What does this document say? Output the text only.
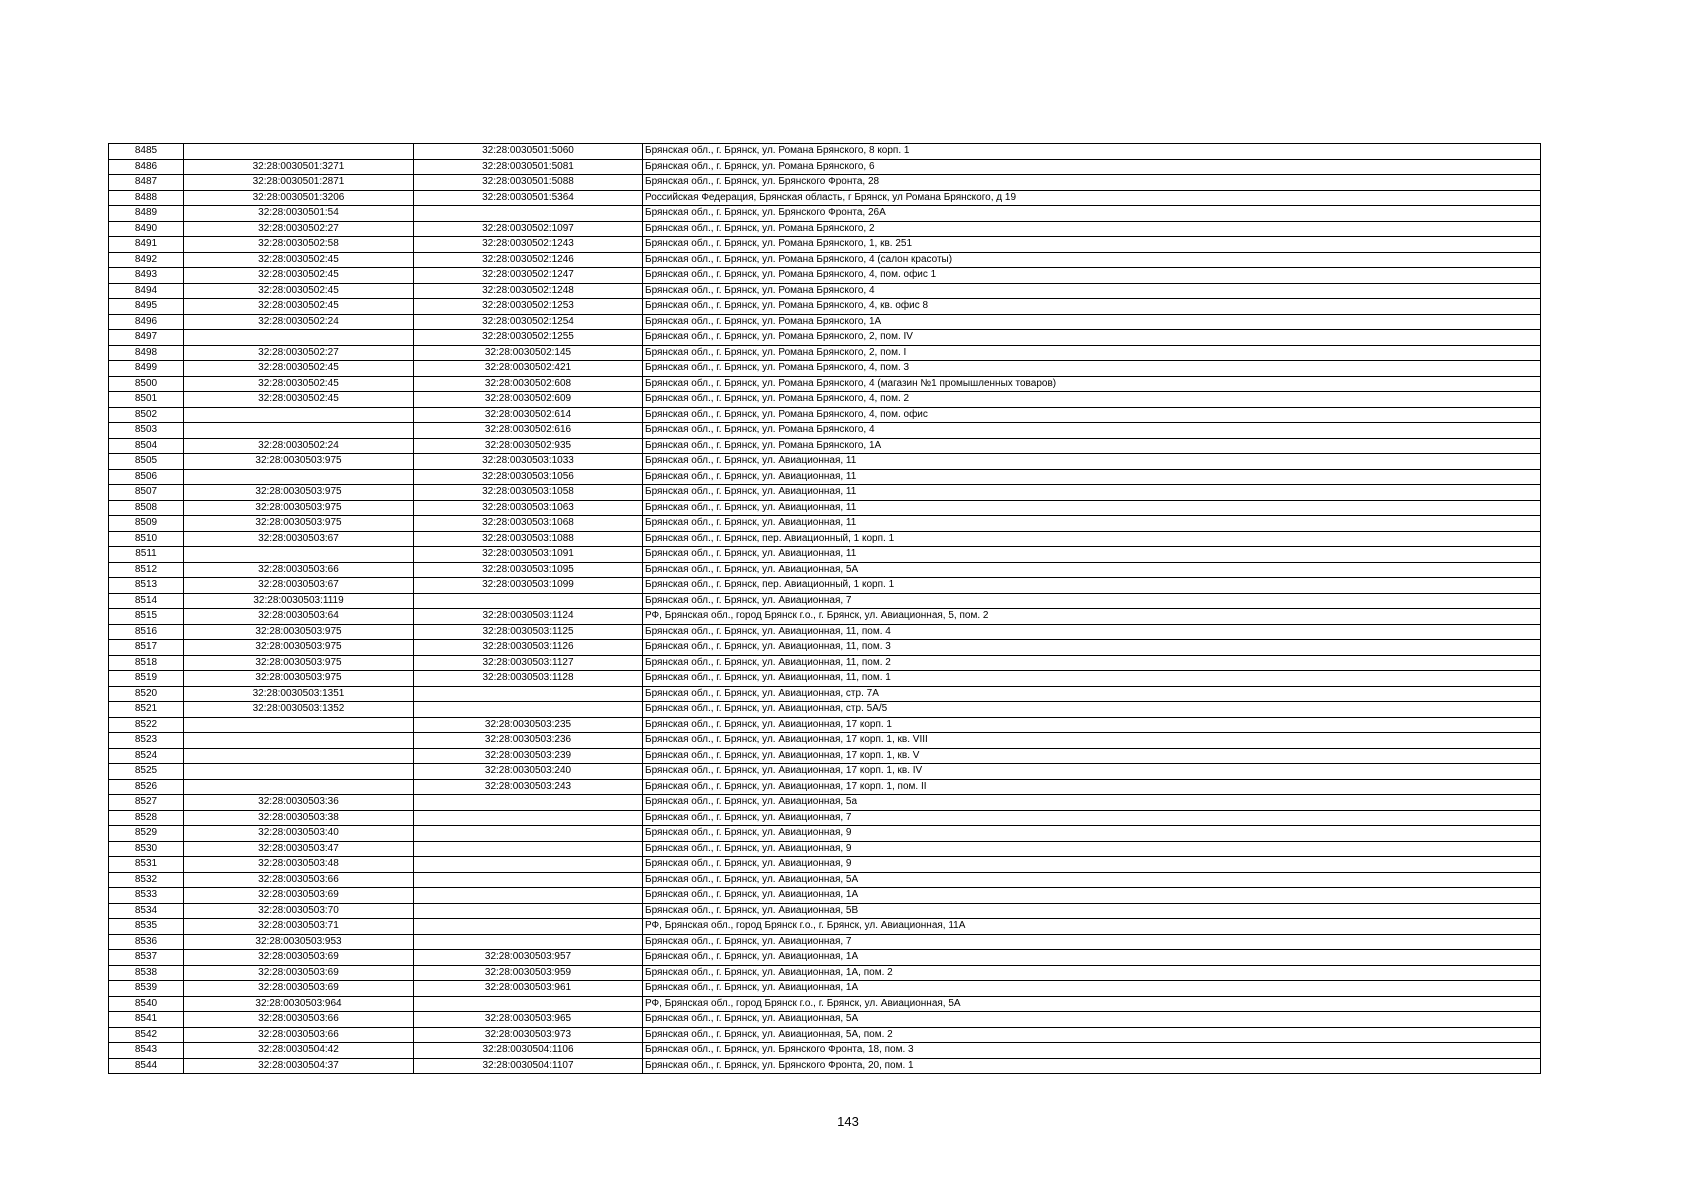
8485		32:28:0030501:5060	Брянская обл., г. Брянск, ул. Романа Брянского, 8 корп. 1
8486	32:28:0030501:3271	32:28:0030501:5081	Брянская обл., г. Брянск, ул. Романа Брянского, 6
8487	32:28:0030501:2871	32:28:0030501:5088	Брянская обл., г. Брянск, ул. Брянского Фронта, 28
8488	32:28:0030501:3206	32:28:0030501:5364	Российская Федерация, Брянская область, г Брянск, ул Романа Брянского, д 19
8489	32:28:0030501:54		Брянская обл., г. Брянск, ул. Брянского Фронта, 26А
8490	32:28:0030502:27	32:28:0030502:1097	Брянская обл., г. Брянск, ул. Романа Брянского, 2
8491	32:28:0030502:58	32:28:0030502:1243	Брянская обл., г. Брянск, ул. Романа Брянского, 1, кв. 251
8492	32:28:0030502:45	32:28:0030502:1246	Брянская обл., г. Брянск, ул. Романа Брянского, 4 (салон красоты)
8493	32:28:0030502:45	32:28:0030502:1247	Брянская обл., г. Брянск, ул. Романа Брянского, 4, пом. офис 1
8494	32:28:0030502:45	32:28:0030502:1248	Брянская обл., г. Брянск, ул. Романа Брянского, 4
8495	32:28:0030502:45	32:28:0030502:1253	Брянская обл., г. Брянск, ул. Романа Брянского, 4, кв. офис 8
8496	32:28:0030502:24	32:28:0030502:1254	Брянская обл., г. Брянск, ул. Романа Брянского, 1А
8497		32:28:0030502:1255	Брянская обл., г. Брянск, ул. Романа Брянского, 2, пом. IV
8498	32:28:0030502:27	32:28:0030502:145	Брянская обл., г. Брянск, ул. Романа Брянского, 2, пом. I
8499	32:28:0030502:45	32:28:0030502:421	Брянская обл., г. Брянск, ул. Романа Брянского, 4, пом. 3
8500	32:28:0030502:45	32:28:0030502:608	Брянская обл., г. Брянск, ул. Романа Брянского, 4 (магазин №1 промышленных товаров)
8501	32:28:0030502:45	32:28:0030502:609	Брянская обл., г. Брянск, ул. Романа Брянского, 4, пом. 2
8502		32:28:0030502:614	Брянская обл., г. Брянск, ул. Романа Брянского, 4, пом. офис
8503		32:28:0030502:616	Брянская обл., г. Брянск, ул. Романа Брянского, 4
8504	32:28:0030502:24	32:28:0030502:935	Брянская обл., г. Брянск, ул. Романа Брянского, 1А
8505	32:28:0030503:975	32:28:0030503:1033	Брянская обл., г. Брянск, ул. Авиационная, 11
8506		32:28:0030503:1056	Брянская обл., г. Брянск, ул. Авиационная, 11
8507	32:28:0030503:975	32:28:0030503:1058	Брянская обл., г. Брянск, ул. Авиационная, 11
8508	32:28:0030503:975	32:28:0030503:1063	Брянская обл., г. Брянск, ул. Авиационная, 11
8509	32:28:0030503:975	32:28:0030503:1068	Брянская обл., г. Брянск, ул. Авиационная, 11
8510	32:28:0030503:67	32:28:0030503:1088	Брянская обл., г. Брянск, пер. Авиационный, 1 корп. 1
8511		32:28:0030503:1091	Брянская обл., г. Брянск, ул. Авиационная, 11
8512	32:28:0030503:66	32:28:0030503:1095	Брянская обл., г. Брянск, ул. Авиационная, 5А
8513	32:28:0030503:67	32:28:0030503:1099	Брянская обл., г. Брянск, пер. Авиационный, 1 корп. 1
8514	32:28:0030503:1119		Брянская обл., г. Брянск, ул. Авиационная, 7
8515	32:28:0030503:64	32:28:0030503:1124	РФ, Брянская обл., город Брянск г.о., г. Брянск, ул. Авиационная, 5, пом. 2
8516	32:28:0030503:975	32:28:0030503:1125	Брянская обл., г. Брянск, ул. Авиационная, 11, пом. 4
8517	32:28:0030503:975	32:28:0030503:1126	Брянская обл., г. Брянск, ул. Авиационная, 11, пом. 3
8518	32:28:0030503:975	32:28:0030503:1127	Брянская обл., г. Брянск, ул. Авиационная, 11, пом. 2
8519	32:28:0030503:975	32:28:0030503:1128	Брянская обл., г. Брянск, ул. Авиационная, 11, пом. 1
8520	32:28:0030503:1351		Брянская обл., г. Брянск, ул. Авиационная, стр. 7А
8521	32:28:0030503:1352		Брянская обл., г. Брянск, ул. Авиационная, стр. 5А/5
8522		32:28:0030503:235	Брянская обл., г. Брянск, ул. Авиационная, 17 корп. 1
8523		32:28:0030503:236	Брянская обл., г. Брянск, ул. Авиационная, 17 корп. 1, кв. VIII
8524		32:28:0030503:239	Брянская обл., г. Брянск, ул. Авиационная, 17 корп. 1, кв. V
8525		32:28:0030503:240	Брянская обл., г. Брянск, ул. Авиационная, 17 корп. 1, кв. IV
8526		32:28:0030503:243	Брянская обл., г. Брянск, ул. Авиационная, 17 корп. 1, пом. II
8527	32:28:0030503:36		Брянская обл., г. Брянск, ул. Авиационная, 5а
8528	32:28:0030503:38		Брянская обл., г. Брянск, ул. Авиационная, 7
8529	32:28:0030503:40		Брянская обл., г. Брянск, ул. Авиационная, 9
8530	32:28:0030503:47		Брянская обл., г. Брянск, ул. Авиационная, 9
8531	32:28:0030503:48		Брянская обл., г. Брянск, ул. Авиационная, 9
8532	32:28:0030503:66		Брянская обл., г. Брянск, ул. Авиационная, 5А
8533	32:28:0030503:69		Брянская обл., г. Брянск, ул. Авиационная, 1А
8534	32:28:0030503:70		Брянская обл., г. Брянск, ул. Авиационная, 5В
8535	32:28:0030503:71		РФ, Брянская обл., город Брянск г.о., г. Брянск, ул. Авиационная, 11А
8536	32:28:0030503:953		Брянская обл., г. Брянск, ул. Авиационная, 7
8537	32:28:0030503:69	32:28:0030503:957	Брянская обл., г. Брянск, ул. Авиационная, 1А
8538	32:28:0030503:69	32:28:0030503:959	Брянская обл., г. Брянск, ул. Авиационная, 1А, пом. 2
8539	32:28:0030503:69	32:28:0030503:961	Брянская обл., г. Брянск, ул. Авиационная, 1А
8540	32:28:0030503:964		РФ, Брянская обл., город Брянск г.о., г. Брянск, ул. Авиационная, 5А
8541	32:28:0030503:66	32:28:0030503:965	Брянская обл., г. Брянск, ул. Авиационная, 5А
8542	32:28:0030503:66	32:28:0030503:973	Брянская обл., г. Брянск, ул. Авиационная, 5А, пом. 2
8543	32:28:0030504:42	32:28:0030504:1106	Брянская обл., г. Брянск, ул. Брянского Фронта, 18, пом. 3
8544	32:28:0030504:37	32:28:0030504:1107	Брянская обл., г. Брянск, ул. Брянского Фронта, 20, пом. 1
143
